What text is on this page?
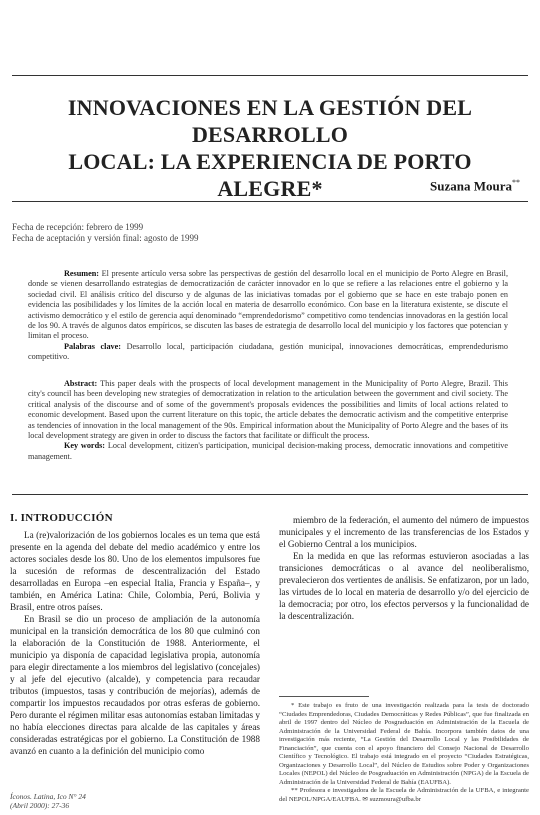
INNOVACIONES EN LA GESTIÓN DEL DESARROLLO
LOCAL: LA EXPERIENCIA DE PORTO ALEGRE*	Suzana Moura**
Fecha de recepción: febrero de 1999
Fecha de aceptación y versión final: agosto de 1999

Resumen: El presente artículo versa sobre las perspectivas de gestión del desarrollo local en el municipio de Porto Alegre en Brasil, donde se vienen desarrollando estrategias de democratización de carácter innovador en lo que se refiere a las relaciones entre el gobierno y la sociedad civil. El análisis crítico del discurso y de algunas de las iniciativas tomadas por el gobierno que se hace en este trabajo ponen en evidencia las posibilidades y los límites de la acción local en materia de desarrollo económico. Con base en la literatura existente, se discute el activismo democrático y el estilo de gerencia aquí denominado “emprendedorismo” competitivo como tendencias innovadoras en la gestión local de los 90. A través de algunos datos empíricos, se discuten las bases de estrategia de desarrollo local del municipio y los factores que potencian y limitan el proceso.

Palabras clave: Desarrollo local, participación ciudadana, gestión municipal, innovaciones democráticas, emprendedurismo competitivo.

Abstract: This paper deals with the prospects of local development management in the Municipality of Porto Alegre, Brazil. This city's council has been developing new strategies of democratization in relation to the articulation between the government and civil society. The critical analysis of the discourse and of some of the government's proposals evidences the possibilities and limits of local actions related to economic development. Based upon the current literature on this topic, the article debates the democratic activism and the competitive enterprise as tendencies of innovation in the local management of the 90s. Empirical information about the Municipality of Porto Alegre and the bases of its local development strategy are given in order to discuss the factors that facilitate or difficult the process.

Key words: Local development, citizen's participation, municipal decision-making process, democratic innovations and competitive management.

I. INTRODUCCIÓN

La (re)valorización de los gobiernos locales es un tema que está presente en la agenda del debate del medio académico y entre los actores sociales desde los 80. Uno de los elementos impulsores fue la sucesión de reformas de descentralización del Estado desarrolladas en Europa –en especial Italia, Francia y España–, y también, en América Latina: Chile, Colombia, Perú, Bolivia y Brasil, entre otros países.

En Brasil se dio un proceso de ampliación de la autonomía municipal en la transición democrática de los 80 que culminó con la elaboración de la Constitución de 1988. Anteriormente, el municipio ya disponía de capacidad legislativa propia, autonomía para elegir directamente a los miembros del legislativo (concejales) y al jefe del ejecutivo (alcalde), y competencia para recaudar tributos (impuestos, tasas y contribución de mejorías), además de compartir los impuestos recaudados por otras esferas de gobierno. Pero durante el régimen militar esas autonomías estaban limitadas y no había elecciones directas para alcalde de las capitales y áreas consideradas estratégicas por el gobierno. La Constitución de 1988 avanzó en cuanto a la definición del municipio como

miembro de la federación, el aumento del número de impuestos municipales y el incremento de las transferencias de los Estados y el Gobierno Central a los municipios.

En la medida en que las reformas estuvieron asociadas a las transiciones democráticas o al avance del neoliberalismo, prevalecieron dos vertientes de análisis. Se enfatizaron, por un lado, las virtudes de lo local en materia de desarrollo y/o del ejercicio de la democracia; por otro, los efectos perversos y la funcionalidad de la descentralización.

* Este trabajo es fruto de una investigación realizada para la tesis de doctorado “Ciudades Emprendedoras, Ciudades Democráticas y Redes Públicas”, que fue finalizada en abril de 1997 dentro del Núcleo de Posgraduación en Administración de la Escuela de Administración de la Universidad Federal de Bahía. Incorpora también datos de una investigación más reciente, “La Gestión del Desarrollo Local y las Posibilidades de Financiación”, que cuenta con el apoyo financiero del Consejo Nacional de Desarrollo Científico y Tecnológico. El trabajo está integrado en el proyecto “Ciudades Estratégicas, Organizaciones y Desarrollo Local”, del Núcleo de Estudios sobre Poder y Organizaciones Locales (NEPOL) del Núcleo de Posgraduación en Administración (NPGA) de la Escuela de Administración de la Universidad Federal de Bahía (EAUFBA).

** Profesora e investigadora de la Escuela de Administración de la UFBA, e integrante del NEPOL/NPGA/EAUFBA. ✉ suzmoura@ufba.br

Íconos. Latina, Ico N° 24
(Abril 2000): 27-36
